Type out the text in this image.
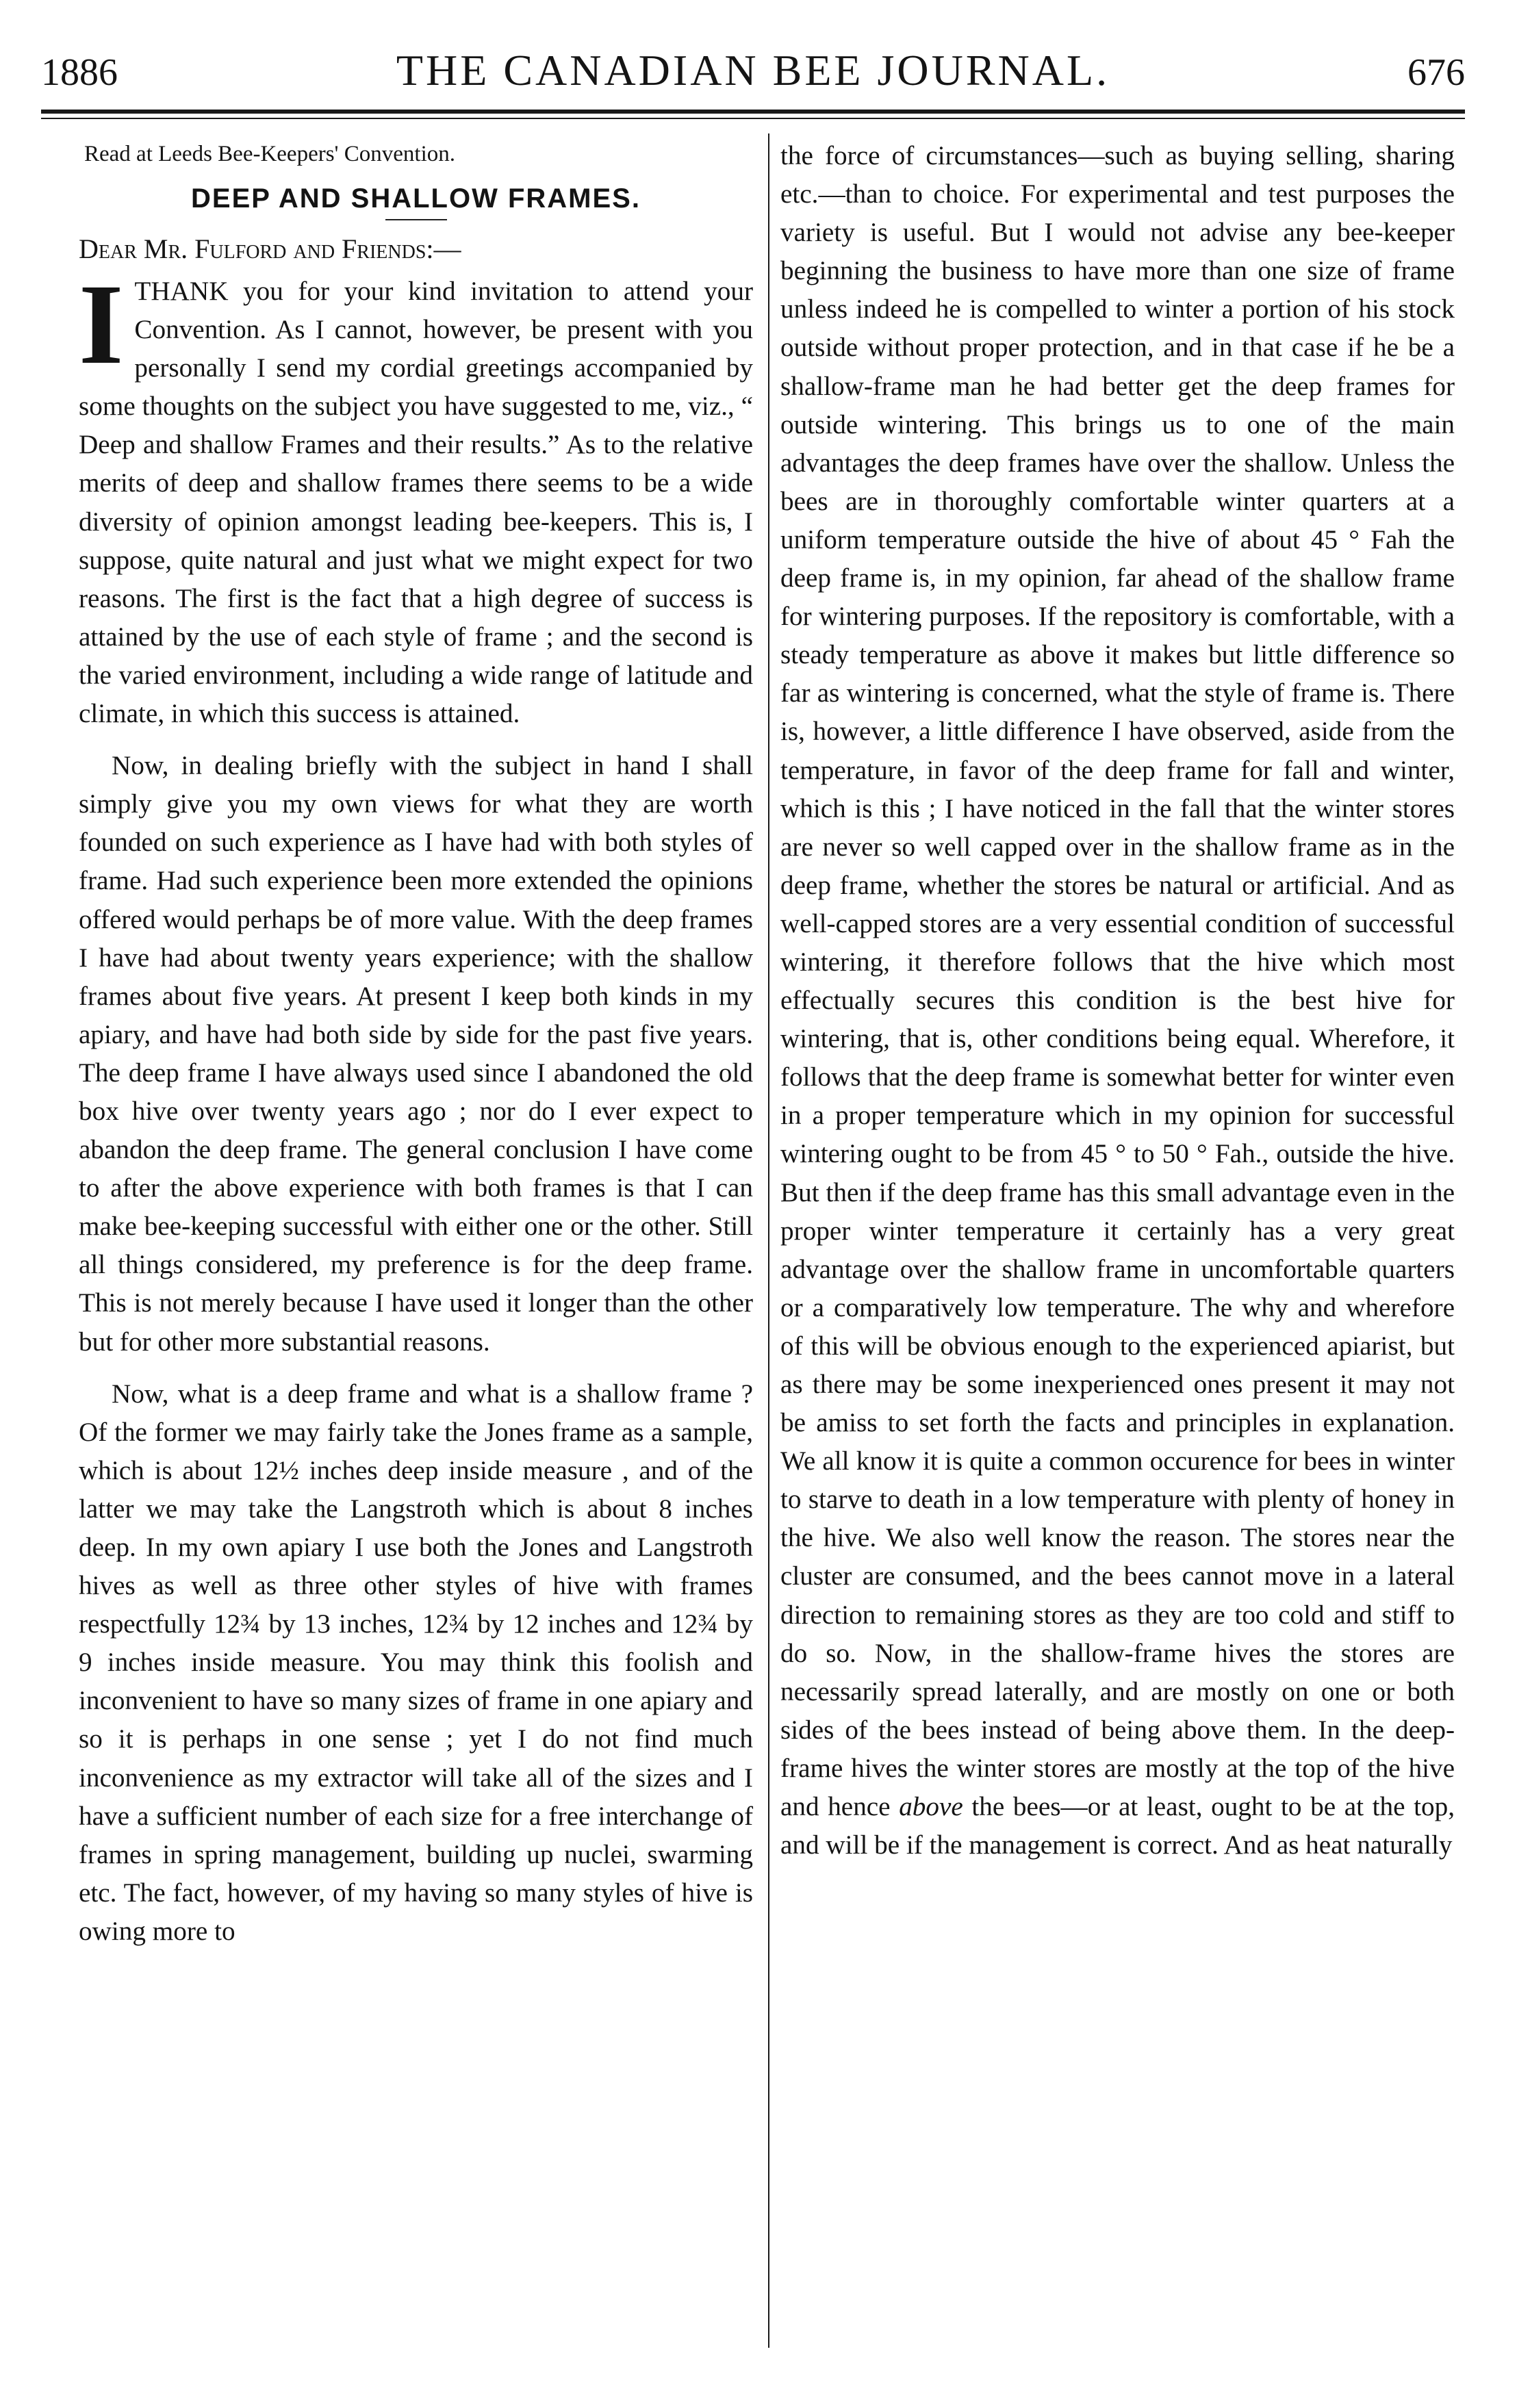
1886	THE CANADIAN BEE JOURNAL.	676

Read at Leeds Bee-Keepers' Convention.

DEEP AND SHALLOW FRAMES.

Dear Mr. Fulford and Friends:—

ITHANK you for your kind invitation to attend your Convention. As I cannot, however, be present with you personally I send my cordial greetings accompanied by some thoughts on the subject you have suggested to me, viz., “ Deep and shallow Frames and their results.” As to the relative merits of deep and shallow frames there seems to be a wide diversity of opinion amongst leading bee-keepers. This is, I suppose, quite natural and just what we might expect for two reasons. The first is the fact that a high degree of success is attained by the use of each style of frame ; and the second is the varied environment, including a wide range of latitude and climate, in which this success is attained.

Now, in dealing briefly with the subject in hand I shall simply give you my own views for what they are worth founded on such experience as I have had with both styles of frame. Had such experience been more extended the opinions offered would perhaps be of more value. With the deep frames I have had about twenty years experience; with the shallow frames about five years. At present I keep both kinds in my apiary, and have had both side by side for the past five years. The deep frame I have always used since I abandoned the old box hive over twenty years ago ; nor do I ever expect to abandon the deep frame. The general conclusion I have come to after the above experience with both frames is that I can make bee-keeping successful with either one or the other. Still all things considered, my preference is for the deep frame. This is not merely because I have used it longer than the other but for other more substantial reasons.

Now, what is a deep frame and what is a shallow frame ? Of the former we may fairly take the Jones frame as a sample, which is about 12½ inches deep inside measure , and of the latter we may take the Langstroth which is about 8 inches deep. In my own apiary I use both the Jones and Langstroth hives as well as three other styles of hive with frames respectfully 12¾ by 13 inches, 12¾ by 12 inches and 12¾ by 9 inches inside measure. You may think this foolish and inconvenient to have so many sizes of frame in one apiary and so it is perhaps in one sense ; yet I do not find much inconvenience as my extractor will take all of the sizes and I have a sufficient number of each size for a free interchange of frames in spring management, building up nuclei, swarming etc. The fact, however, of my having so many styles of hive is owing more to

the force of circumstances—such as buying selling, sharing etc.—than to choice. For experimental and test purposes the variety is useful. But I would not advise any bee-keeper beginning the business to have more than one size of frame unless indeed he is compelled to winter a portion of his stock outside without proper protection, and in that case if he be a shallow-frame man he had better get the deep frames for outside wintering. This brings us to one of the main advantages the deep frames have over the shallow. Unless the bees are in thoroughly comfortable winter quarters at a uniform temperature outside the hive of about 45 ° Fah the deep frame is, in my opinion, far ahead of the shallow frame for wintering purposes. If the repository is comfortable, with a steady temperature as above it makes but little difference so far as wintering is concerned, what the style of frame is. There is, however, a little difference I have observed, aside from the temperature, in favor of the deep frame for fall and winter, which is this ; I have noticed in the fall that the winter stores are never so well capped over in the shallow frame as in the deep frame, whether the stores be natural or artificial. And as well-capped stores are a very essential condition of successful wintering, it therefore follows that the hive which most effectually secures this condition is the best hive for wintering, that is, other conditions being equal. Wherefore, it follows that the deep frame is somewhat better for winter even in a proper temperature which in my opinion for successful wintering ought to be from 45 ° to 50 ° Fah., outside the hive. But then if the deep frame has this small advantage even in the proper winter temperature it certainly has a very great advantage over the shallow frame in uncomfortable quarters or a comparatively low temperature. The why and wherefore of this will be obvious enough to the experienced apiarist, but as there may be some inexperienced ones present it may not be amiss to set forth the facts and principles in explanation. We all know it is quite a common occurence for bees in winter to starve to death in a low temperature with plenty of honey in the hive. We also well know the reason. The stores near the cluster are consumed, and the bees cannot move in a lateral direction to remaining stores as they are too cold and stiff to do so. Now, in the shallow-frame hives the stores are necessarily spread laterally, and are mostly on one or both sides of the bees instead of being above them. In the deep-frame hives the winter stores are mostly at the top of the hive and hence above the bees—or at least, ought to be at the top, and will be if the management is correct. And as heat naturally
